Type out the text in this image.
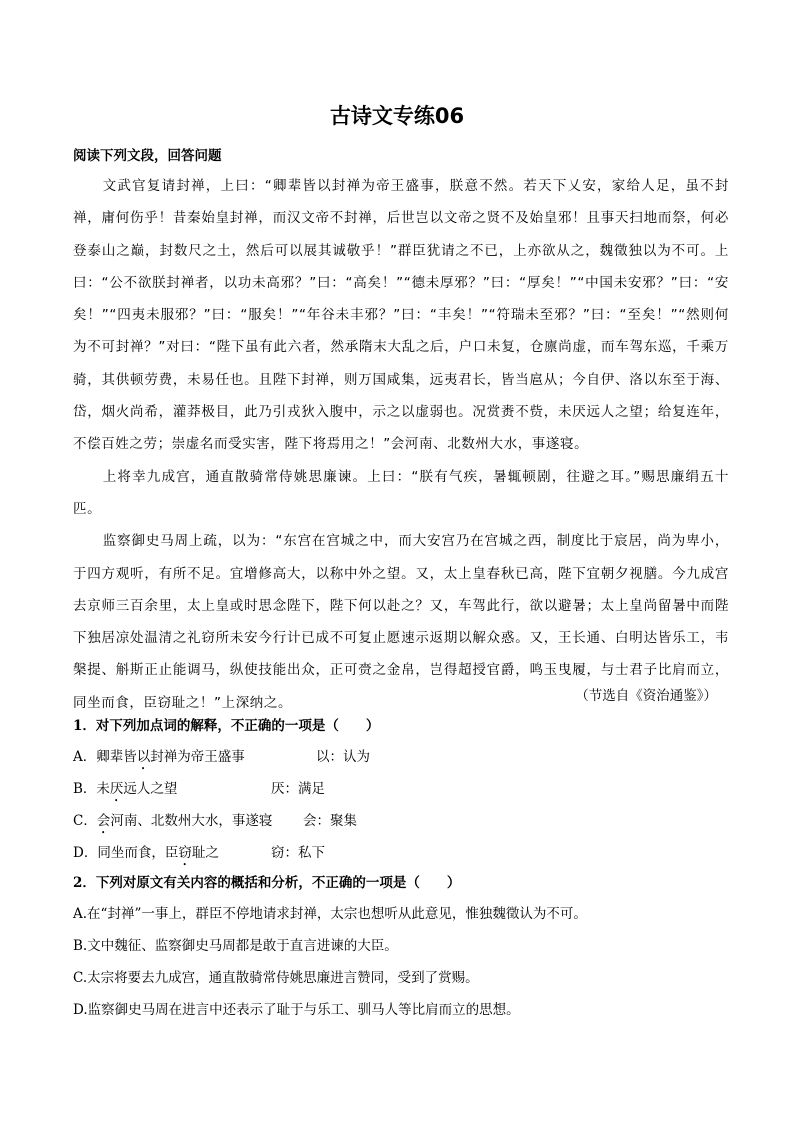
古诗文专练06
阅读下列文段，回答问题

文武官复请封禅，上曰：“卿辈皆以封禅为帝王盛事，朕意不然。若天下乂安，家给人足，虽不封禅，庸何伤乎！昔秦始皇封禅，而汉文帝不封禅，后世岂以文帝之贤不及始皇邪！且事天扫地而祭，何必登泰山之巅，封数尺之土，然后可以展其诚敬乎！”群臣犹请之不已，上亦欲从之，魏徵独以为不可。上曰：“公不欲朕封禅者，以功未高邪？”曰：“高矣！”“德未厚邪？”曰：“厚矣！”“中国未安邪？”曰：“安矣！”“四夷未服邪？”曰：“服矣！”“年谷未丰邪？”曰：“丰矣！”“符瑞未至邪？”曰：“至矣！”“然则何为不可封禅？”对曰：“陛下虽有此六者，然承隋末大乱之后，户口未复，仓廪尚虚，而车驾东巡，千乘万骑，其供顿劳费，未易任也。且陛下封禅，则万国咸集，远夷君长，皆当扈从；今自伊、洛以东至于海、岱，烟火尚希，灌莽极目，此乃引戎狄入腹中，示之以虚弱也。况赏赉不赀，未厌远人之望；给复连年，不偿百姓之劳；崇虚名而受实害，陛下将焉用之！”会河南、北数州大水，事遂寝。

上将幸九成宫，通直散骑常侍姚思廉谏。上曰：“朕有气疾，暑辄顿剧，往避之耳。”赐思廉绢五十匹。

监察御史马周上疏，以为：“东宫在宫城之中，而大安宫乃在宫城之西，制度比于宸居，尚为卑小，于四方观听，有所不足。宜增修高大，以称中外之望。又，太上皇春秋已高，陛下宜朝夕视膳。今九成宫去京师三百余里，太上皇或时思念陛下，陛下何以赴之？又，车驾此行，欲以避暑；太上皇尚留暑中而陛下独居凉处温清之礼窃所未安今行计已成不可复止愿速示返期以解众惑。又，王长通、白明达皆乐工，韦槃提、斛斯正止能调马，纵使技能出众，正可赍之金帛，岂得超授官爵，鸣玉曳履，与士君子比肩而立，同坐而食，臣窃耻之！”上深纳之。	（节选自《资治通鉴》）
1．对下列加点词的解释，不正确的一项是（　　）
A．卿辈皆以封禅为帝王盛事	以：认为
B．未厌远人之望	厌：满足
C．会河南、北数州大水，事遂寝 会：聚集
D．同坐而食，臣窃耻之	窃：私下
2．下列对原文有关内容的概括和分析，不正确的一项是（　　）
A.在“封禅”一事上，群臣不停地请求封禅，太宗也想听从此意见，惟独魏徵认为不可。
B.文中魏征、监察御史马周都是敢于直言进谏的大臣。
C.太宗将要去九成宫，通直散骑常侍姚思廉进言赞同，受到了赏赐。
D.监察御史马周在进言中还表示了耻于与乐工、驯马人等比肩而立的思想。
